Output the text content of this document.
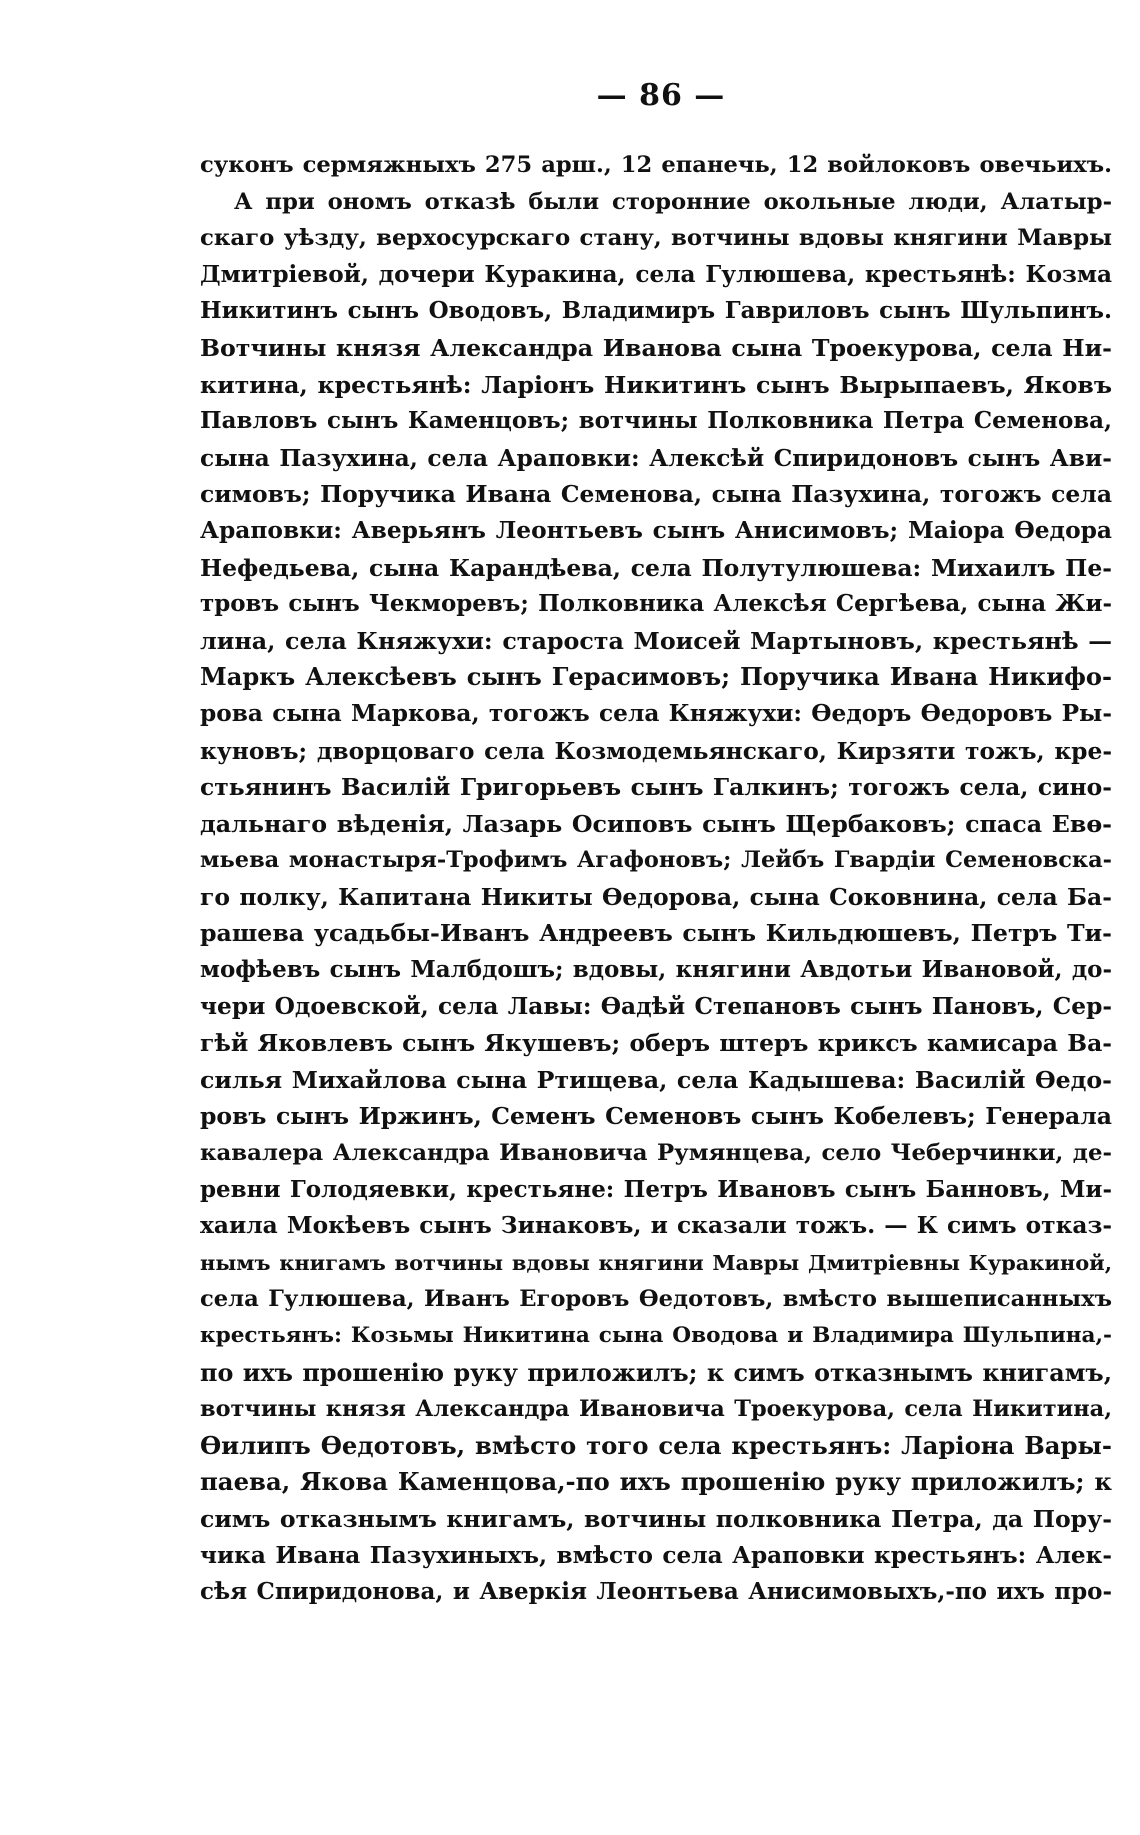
— 86 —
суконъ сермяжныхъ 275 арш., 12 епанечь, 12 войлоковъ овечьихъ.
А при ономъ отказѣ были сторонние окольные люди, Алатыр-
скаго уѣзду, верхосурскаго стану, вотчины вдовы княгини Мавры
Дмитріевой, дочери Куракина, села Гулюшева, крестьянѣ: Козма
Никитинъ сынъ Оводовъ, Владимиръ Гавриловъ сынъ Шульпинъ.
Вотчины князя Александра Иванова сына Троекурова, села Ни-
китина, крестьянѣ: Ларіонъ Никитинъ сынъ Вырыпаевъ, Яковъ
Павловъ сынъ Каменцовъ; вотчины Полковника Петра Семенова,
сына Пазухина, села Араповки: Алексѣй Спиридоновъ сынъ Ави-
симовъ; Поручика Ивана Семенова, сына Пазухина, тогожъ села
Араповки: Аверьянъ Леонтьевъ сынъ Анисимовъ; Маіора Өедора
Нефедьева, сына Карандѣева, села Полутулюшева: Михаилъ Пе-
тровъ сынъ Чекморевъ; Полковника Алексѣя Сергѣева, сына Жи-
лина, села Княжухи: староста Моисей Мартыновъ, крестьянѣ —
Маркъ Алексѣевъ сынъ Герасимовъ; Поручика Ивана Никифо-
рова сына Маркова, тогожъ села Княжухи: Өедоръ Өедоровъ Ры-
куновъ; дворцоваго села Козмодемьянскаго, Кирзяти тожъ, кре-
стьянинъ Василій Григорьевъ сынъ Галкинъ; тогожъ села, сино-
дальнаго вѣденія, Лазарь Осиповъ сынъ Щербаковъ; спаса Евө-
мьева монастыря-Трофимъ Агафоновъ; Лейбъ Гвардіи Семеновска-
го полку, Капитана Никиты Өедорова, сына Соковнина, села Ба-
рашева усадьбы-Иванъ Андреевъ сынъ Кильдюшевъ, Петръ Ти-
мофѣевъ сынъ Малбдошъ; вдовы, княгини Авдотьи Ивановой, до-
чери Одоевской, села Лавы: Өадѣй Степановъ сынъ Пановъ, Сер-
гѣй Яковлевъ сынъ Якушевъ; оберъ штеръ криксъ камисара Ва-
силья Михайлова сына Ртищева, села Кадышева: Василій Өедо-
ровъ сынъ Иржинъ, Семенъ Семеновъ сынъ Кобелевъ; Генерала
кавалера Александра Ивановича Румянцева, село Чеберчинки, де-
ревни Голодяевки, крестьяне: Петръ Ивановъ сынъ Банновъ, Ми-
хаила Мокѣевъ сынъ Зинаковъ, и сказали тожъ. — К симъ отказ-
нымъ книгамъ вотчины вдовы княгини Мавры Дмитріевны Куракиной,
села Гулюшева, Иванъ Егоровъ Өедотовъ, вмѣсто вышеписанныхъ
крестьянъ: Козьмы Никитина сына Оводова и Владимира Шульпина,-
по ихъ прошенію руку приложилъ; к симъ отказнымъ книгамъ,
вотчины князя Александра Ивановича Троекурова, села Никитина,
Өилипъ Өедотовъ, вмѣсто того села крестьянъ: Ларіона Вары-
паева, Якова Каменцова,-по ихъ прошенію руку приложилъ; к
симъ отказнымъ книгамъ, вотчины полковника Петра, да Пору-
чика Ивана Пазухиныхъ, вмѣсто села Араповки крестьянъ: Алек-
сѣя Спиридонова, и Аверкія Леонтьева Анисимовыхъ,-по ихъ про-
